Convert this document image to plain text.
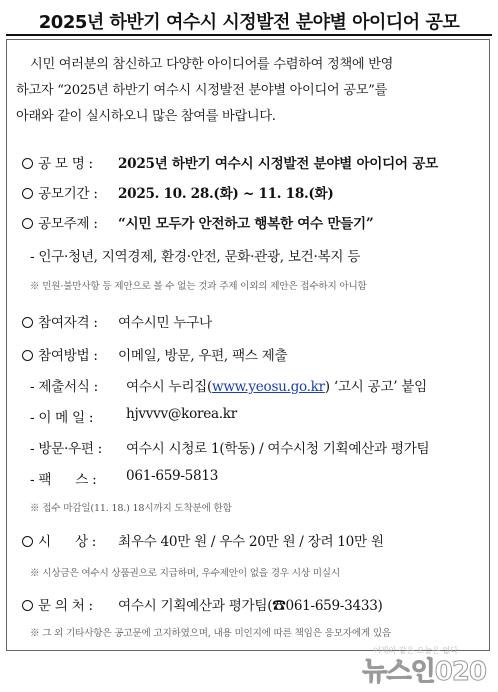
2025년 하반기 여수시 시정발전 분야별 아이디어 공모
시민 여러분의 참신하고 다양한 아이디어를 수렴하여 정책에 반영
하고자 “2025년 하반기 여수시 시정발전 분야별 아이디어 공모”를
아래와 같이 실시하오니 많은 참여를 바랍니다.
공 모 명 : 2025년 하반기 여수시 시정발전 분야별 아이디어 공모
공모기간 : 2025. 10. 28.(화) ~ 11. 18.(화)
공모주제 : “시민 모두가 안전하고 행복한 여수 만들기”
- 인구·청년, 지역경제, 환경·안전, 문화·관광, 보건·복지 등
※ 민원·불만사항 등 제안으로 볼 수 없는 것과 주제 이외의 제안은 접수하지 아니함
참여자격 : 여수시민 누구나
참여방법 : 이메일, 방문, 우편, 팩스 제출
- 제출서식 : 여수시 누리집(www.yeosu.go.kr) ‘고시 공고’ 붙임
- 이 메 일 : hjvvvv@korea.kr
- 방문·우편 : 여수시 시청로 1(학동) / 여수시청 기획예산과 평가팀
- 팩      스 : 061-659-5813
※ 접수 마감일(11. 18.) 18시까지 도착분에 한함
시      상 : 최우수 40만 원 / 우수 20만 원 / 장려 10만 원
※ 시상금은 여수시 상품권으로 지급하며, 우수제안이 없을 경우 시상 미실시
문 의 처 : 여수시 기획예산과 평가팀(☎061-659-3433)
※ 그 외 기타사항은 공고문에 고지하였으며, 내용 미인지에 따른 책임은 응모자에게 있음
어제와 같은 오늘은 없다
뉴스인020
